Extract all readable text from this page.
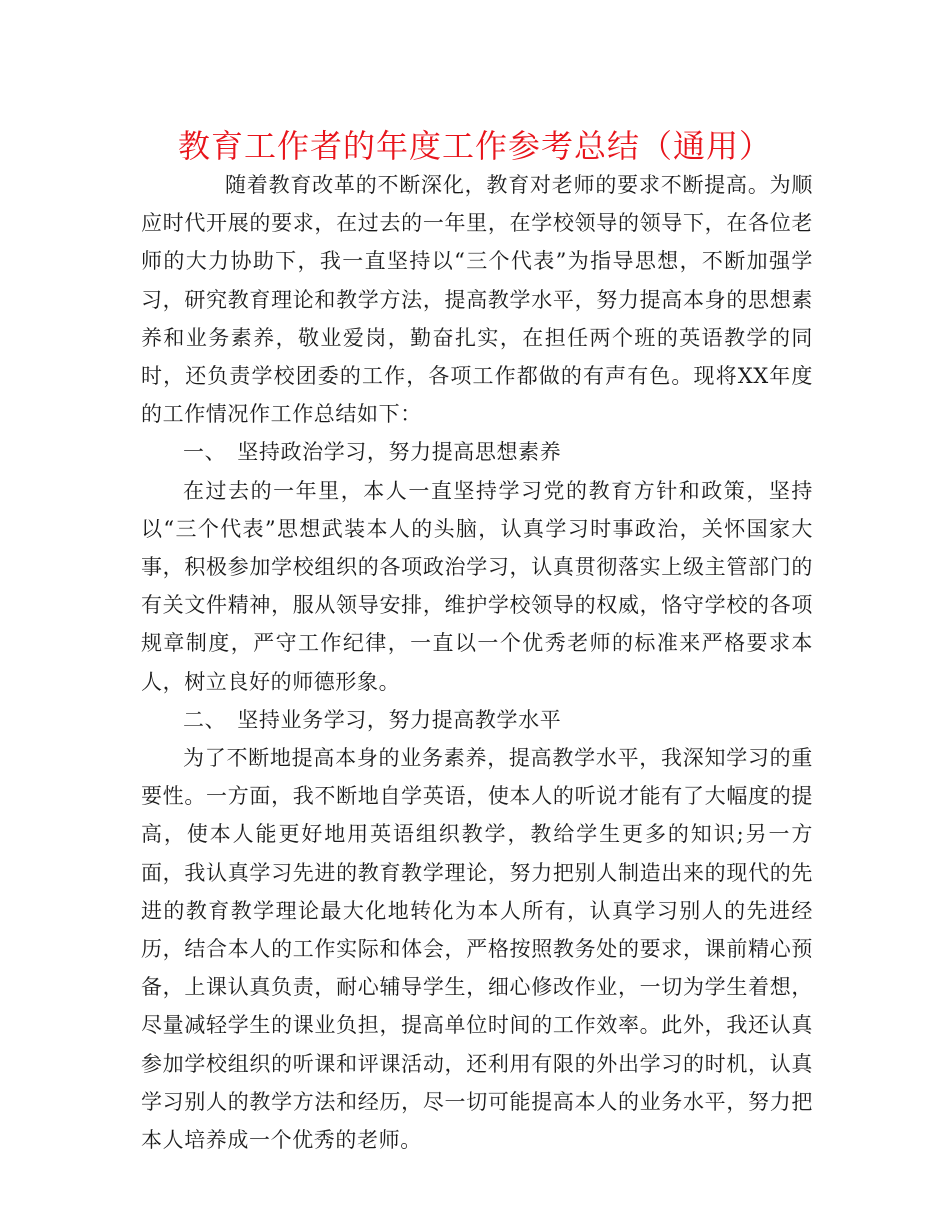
教育工作者的年度工作参考总结（通用）

随着教育改革的不断深化，教育对老师的要求不断提高。为顺应时代开展的要求，在过去的一年里，在学校领导的领导下，在各位老师的大力协助下，我一直坚持以“三个代表”为指导思想，不断加强学习，研究教育理论和教学方法，提高教学水平，努力提高本身的思想素养和业务素养，敬业爱岗，勤奋扎实，在担任两个班的英语教学的同时，还负责学校团委的工作，各项工作都做的有声有色。现将XX年度的工作情况作工作总结如下：

一、　坚持政治学习，努力提高思想素养

在过去的一年里，本人一直坚持学习党的教育方针和政策，坚持以“三个代表”思想武装本人的头脑，认真学习时事政治，关怀国家大事，积极参加学校组织的各项政治学习，认真贯彻落实上级主管部门的有关文件精神，服从领导安排，维护学校领导的权威，恪守学校的各项规章制度，严守工作纪律，一直以一个优秀老师的标准来严格要求本人，树立良好的师德形象。

二、　坚持业务学习，努力提高教学水平

为了不断地提高本身的业务素养，提高教学水平，我深知学习的重要性。一方面，我不断地自学英语，使本人的听说才能有了大幅度的提高，使本人能更好地用英语组织教学，教给学生更多的知识;另一方面，我认真学习先进的教育教学理论，努力把别人制造出来的现代的先进的教育教学理论最大化地转化为本人所有，认真学习别人的先进经历，结合本人的工作实际和体会，严格按照教务处的要求，课前精心预备，上课认真负责，耐心辅导学生，细心修改作业，一切为学生着想，尽量减轻学生的课业负担，提高单位时间的工作效率。此外，我还认真参加学校组织的听课和评课活动，还利用有限的外出学习的时机，认真学习别人的教学方法和经历，尽一切可能提高本人的业务水平，努力把本人培养成一个优秀的老师。
